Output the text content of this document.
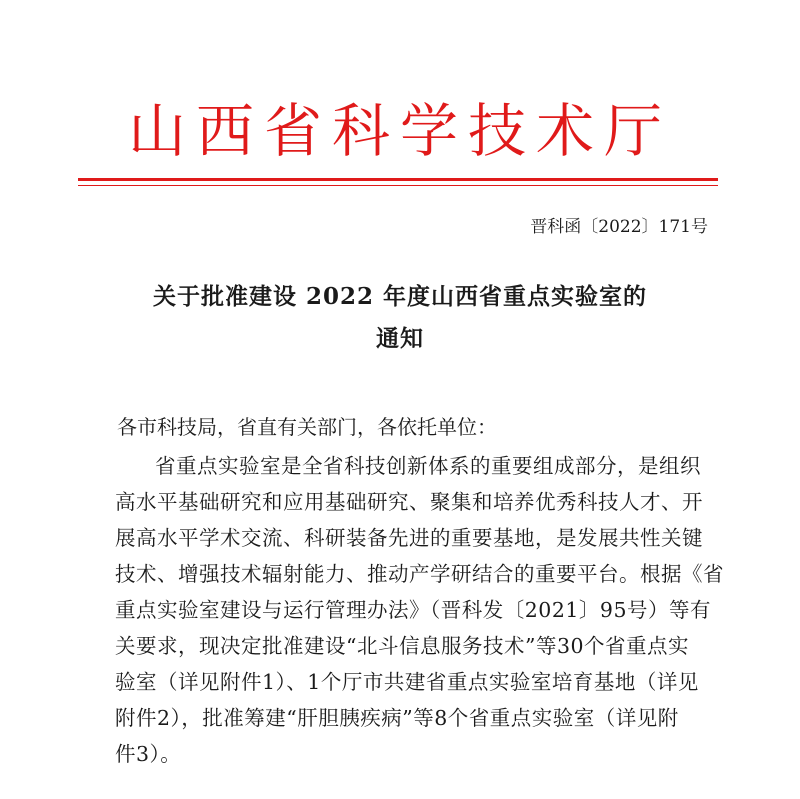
山西省科学技术厅
晋科函〔2022〕171号
关于批准建设 2022 年度山西省重点实验室的
通知
各市科技局，省直有关部门，各依托单位：
省重点实验室是全省科技创新体系的重要组成部分，是组织
高水平基础研究和应用基础研究、聚集和培养优秀科技人才、开
展高水平学术交流、科研装备先进的重要基地，是发展共性关键
技术、增强技术辐射能力、推动产学研结合的重要平台。根据《省
重点实验室建设与运行管理办法》（晋科发〔2021〕95号）等有
关要求，现决定批准建设“北斗信息服务技术”等30个省重点实
验室（详见附件1）、1个厅市共建省重点实验室培育基地（详见
附件2），批准筹建“肝胆胰疾病”等8个省重点实验室（详见附
件3）。
